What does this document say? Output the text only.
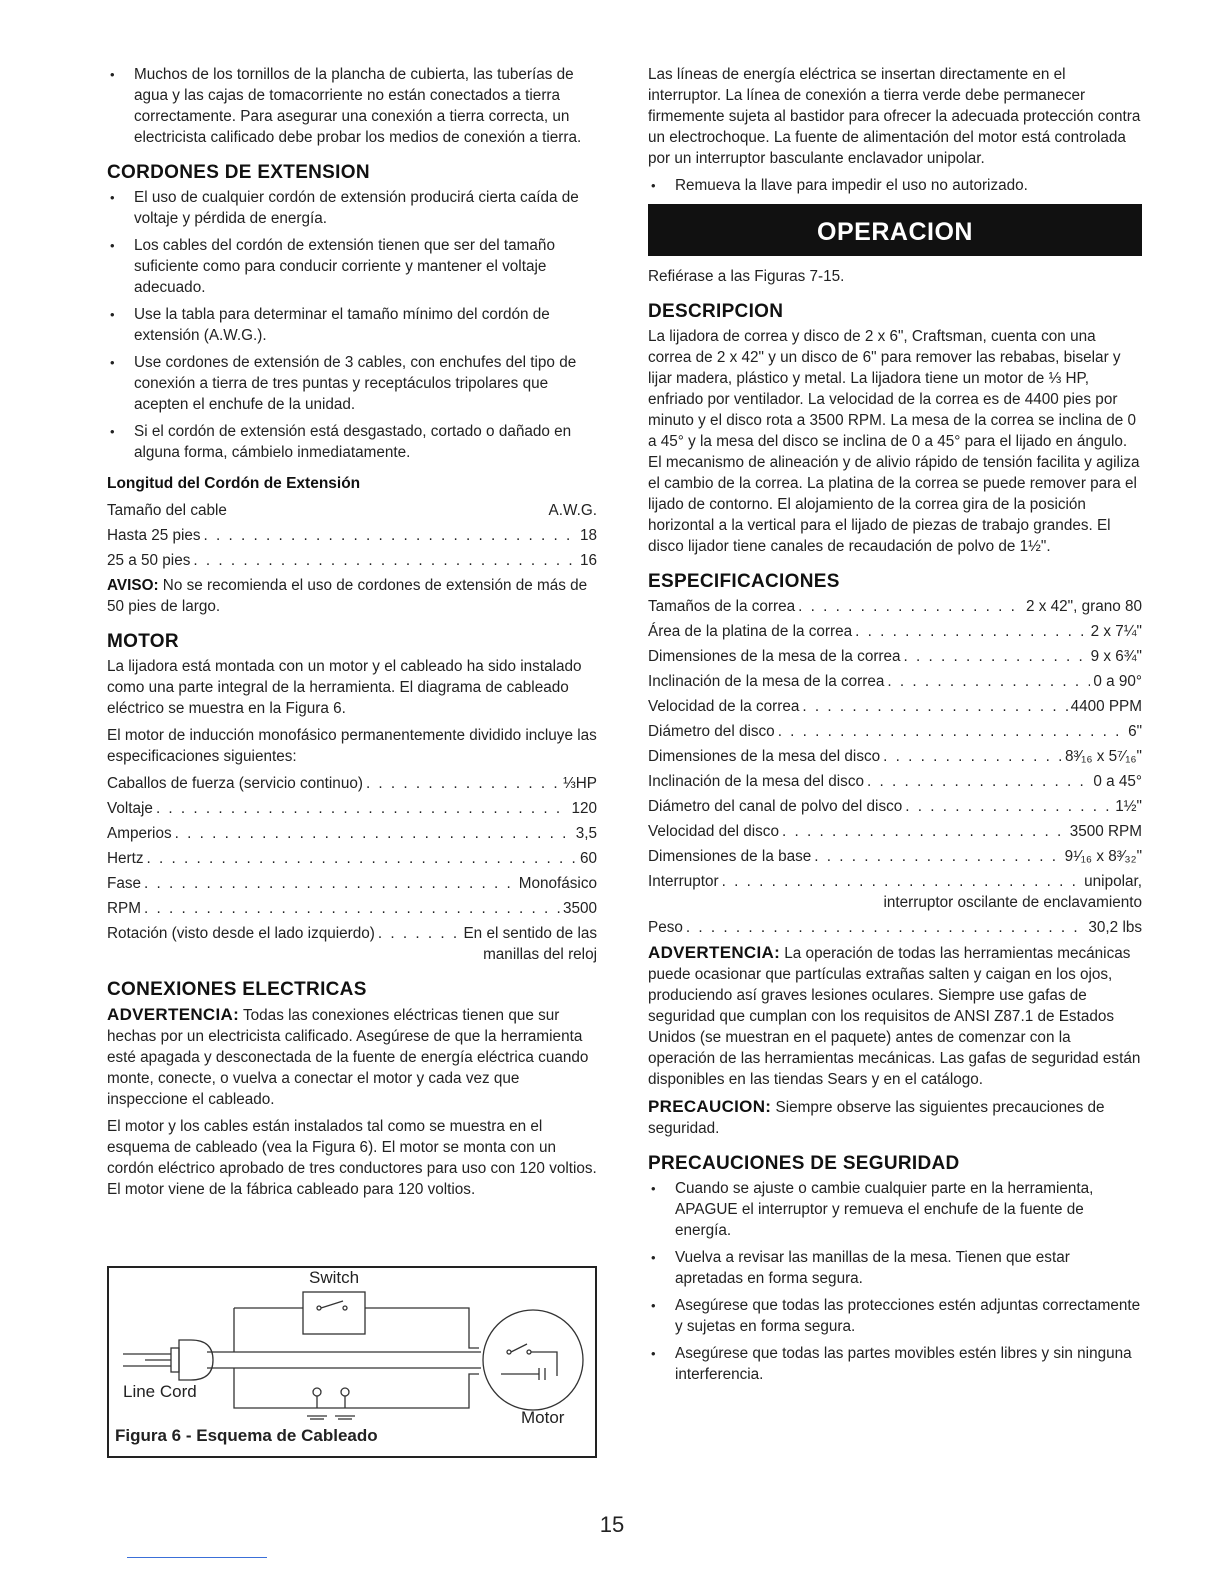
• Muchos de los tornillos de la plancha de cubierta, las tuberías de agua y las cajas de tomacorriente no están conectados a tierra correctamente. Para asegurar una conexión a tierra correcta, un electricista calificado debe probar los medios de conexión a tierra.
CORDONES DE EXTENSION
• El uso de cualquier cordón de extensión producirá cierta caída de voltaje y pérdida de energía.
• Los cables del cordón de extensión tienen que ser del tamaño suficiente como para conducir corriente y mantener el voltaje adecuado.
• Use la tabla para determinar el tamaño mínimo del cordón de extensión (A.W.G.).
• Use cordones de extensión de 3 cables, con enchufes del tipo de conexión a tierra de tres puntas y receptáculos tripolares que acepten el enchufe de la unidad.
• Si el cordón de extensión está desgastado, cortado o dañado en alguna forma, cámbielo inmediatamente.
Longitud del Cordón de Extensión
Tamaño del cable	A.W.G.
Hasta 25 pies . . .	18
25 a 50 pies . . .	16

AVISO: No se recomienda el uso de cordones de extensión de más de 50 pies de largo.

MOTOR

La lijadora está montada con un motor y el cableado ha sido instalado como una parte integral de la herramienta. El diagrama de cableado eléctrico se muestra en la Figura 6.

El motor de inducción monofásico permanentemente dividido incluye las especificaciones siguientes:

Caballos de fuerza (servicio continuo) . . .	⅓HP
Voltaje . . .	120
Amperios . . .	3,5
Hertz . . .	60
Fase . . .	Monofásico
RPM . . .	3500
Rotación (visto desde el lado izquierdo) . . .	En el sentido de las
manillas del reloj
CONEXIONES ELECTRICAS

ADVERTENCIA: Todas las conexiones eléctricas tienen que sur hechas por un electricista calificado. Asegúrese de que la herramienta esté apagada y desconectada de la fuente de energía eléctrica cuando monte, conecte, o vuelva a conectar el motor y cada vez que inspeccione el cableado.

El motor y los cables están instalados tal como se muestra en el esquema de cableado (vea la Figura 6). El motor se monta con un cordón eléctrico aprobado de tres conductores para uso con 120 voltios. El motor viene de la fábrica cableado para 120 voltios.

Switch
Line Cord
Motor
Figura 6 - Esquema de Cableado

Las líneas de energía eléctrica se insertan directamente en el interruptor. La línea de conexión a tierra verde debe permanecer firmemente sujeta al bastidor para ofrecer la adecuada protección contra un electrochoque. La fuente de alimentación del motor está controlada por un interruptor basculante enclavador unipolar.

• Remueva la llave para impedir el uso no autorizado.
OPERACION

Refiérase a las Figuras 7-15.

DESCRIPCION

La lijadora de correa y disco de 2 x 6", Craftsman, cuenta con una correa de 2 x 42" y un disco de 6" para remover las rebabas, biselar y lijar madera, plástico y metal. La lijadora tiene un motor de ⅓ HP, enfriado por ventilador. La velocidad de la correa es de 4400 pies por minuto y el disco rota a 3500 RPM. La mesa de la correa se inclina de 0 a 45° y la mesa del disco se inclina de 0 a 45° para el lijado en ángulo. El mecanismo de alineación y de alivio rápido de tensión facilita y agiliza el cambio de la correa. La platina de la correa se puede remover para el lijado de contorno. El alojamiento de la correa gira de la posición horizontal a la vertical para el lijado de piezas de trabajo grandes. El disco lijador tiene canales de recaudación de polvo de 1½".

ESPECIFICACIONES
Tamaños de la correa . . .	2 x 42", grano 80
Área de la platina de la correa . . .	2 x 7¼"
Dimensiones de la mesa de la correa . . .	9 x 6¾"
Inclinación de la mesa de la correa . . .	0 a 90°
Velocidad de la correa . . .	4400 PPM
Diámetro del disco . . .	6"
Dimensiones de la mesa del disco . . .	8³⁄₁₆ x 5⁷⁄₁₆"
Inclinación de la mesa del disco . . .	0 a 45°
Diámetro del canal de polvo del disco . . .	1½"
Velocidad del disco . . .	3500 RPM
Dimensiones de la base . . .	9¹⁄₁₆ x 8³⁄₃₂"
Interruptor . . .	unipolar,
interruptor oscilante de enclavamiento
Peso . . .	30,2 lbs

ADVERTENCIA: La operación de todas las herramientas mecánicas puede ocasionar que partículas extrañas salten y caigan en los ojos, produciendo así graves lesiones oculares. Siempre use gafas de seguridad que cumplan con los requisitos de ANSI Z87.1 de Estados Unidos (se muestran en el paquete) antes de comenzar con la operación de las herramientas mecánicas. Las gafas de seguridad están disponibles en las tiendas Sears y en el catálogo.

PRECAUCION: Siempre observe las siguientes precauciones de seguridad.

PRECAUCIONES DE SEGURIDAD
• Cuando se ajuste o cambie cualquier parte en la herramienta, APAGUE el interruptor y remueva el enchufe de la fuente de energía.
• Vuelva a revisar las manillas de la mesa. Tienen que estar apretadas en forma segura.
• Asegúrese que todas las protecciones estén adjuntas correctamente y sujetas en forma segura.
• Asegúrese que todas las partes movibles estén libres y sin ninguna interferencia.
15
